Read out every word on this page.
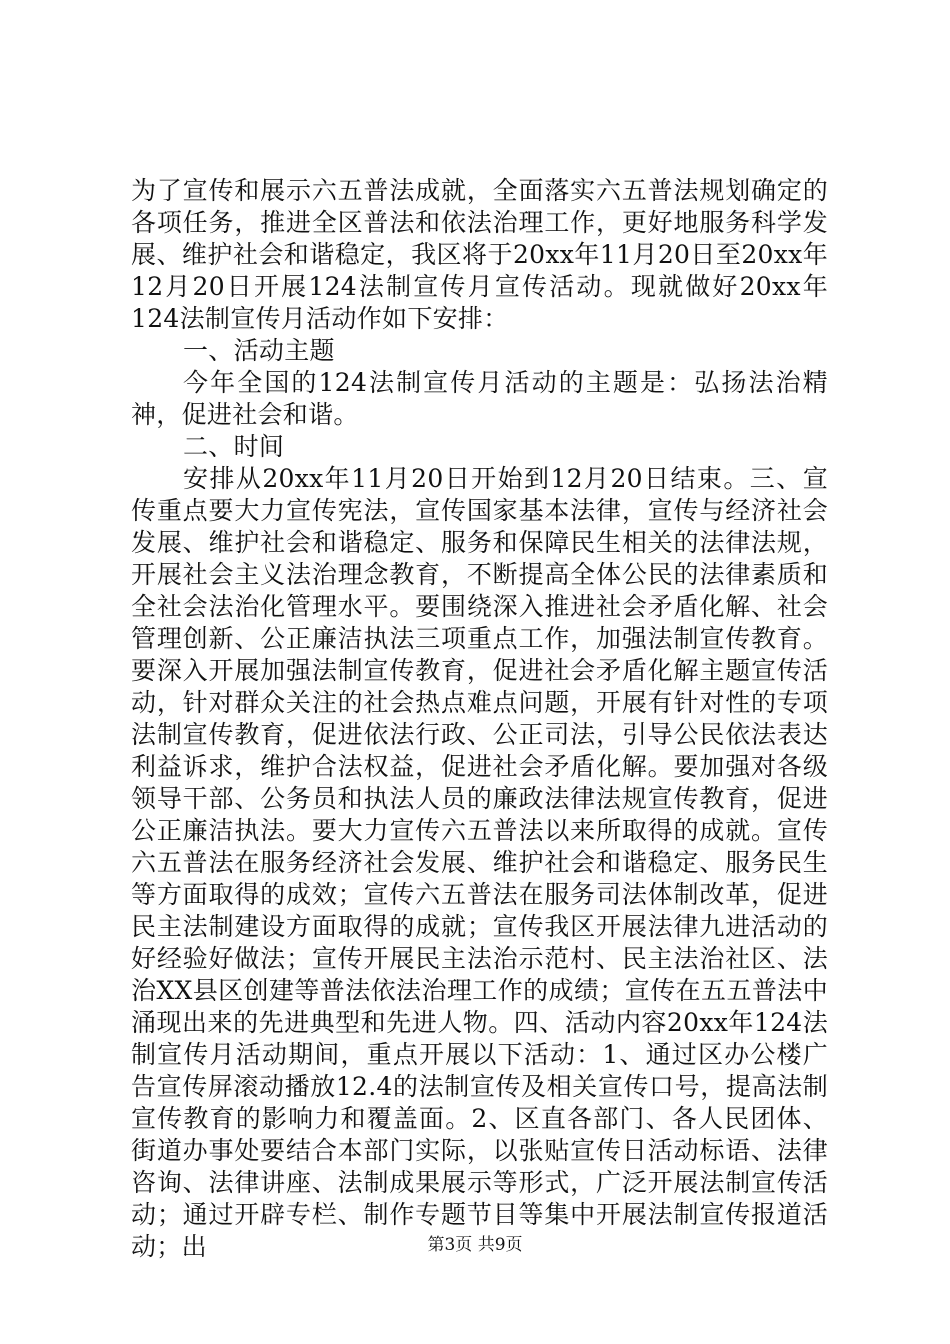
为了宣传和展示六五普法成就，全面落实六五普法规划确定的各项任务，推进全区普法和依法治理工作，更好地服务科学发展、维护社会和谐稳定，我区将于20xx年11月20日至20xx年12月20日开展124法制宣传月宣传活动。现就做好20xx年124法制宣传月活动作如下安排：

一、活动主题

今年全国的124法制宣传月活动的主题是：弘扬法治精神，促进社会和谐。

二、时间

安排从20xx年11月20日开始到12月20日结束。三、宣传重点要大力宣传宪法，宣传国家基本法律，宣传与经济社会发展、维护社会和谐稳定、服务和保障民生相关的法律法规，开展社会主义法治理念教育，不断提高全体公民的法律素质和全社会法治化管理水平。要围绕深入推进社会矛盾化解、社会管理创新、公正廉洁执法三项重点工作，加强法制宣传教育。要深入开展加强法制宣传教育，促进社会矛盾化解主题宣传活动，针对群众关注的社会热点难点问题，开展有针对性的专项法制宣传教育，促进依法行政、公正司法，引导公民依法表达利益诉求，维护合法权益，促进社会矛盾化解。要加强对各级领导干部、公务员和执法人员的廉政法律法规宣传教育，促进公正廉洁执法。要大力宣传六五普法以来所取得的成就。宣传六五普法在服务经济社会发展、维护社会和谐稳定、服务民生等方面取得的成效；宣传六五普法在服务司法体制改革，促进民主法制建设方面取得的成就；宣传我区开展法律九进活动的好经验好做法；宣传开展民主法治示范村、民主法治社区、法治XX县区创建等普法依法治理工作的成绩；宣传在五五普法中涌现出来的先进典型和先进人物。四、活动内容20xx年124法制宣传月活动期间，重点开展以下活动：1、通过区办公楼广告宣传屏滚动播放12.4的法制宣传及相关宣传口号，提高法制宣传教育的影响力和覆盖面。2、区直各部门、各人民团体、街道办事处要结合本部门实际，以张贴宣传日活动标语、法律咨询、法律讲座、法制成果展示等形式，广泛开展法制宣传活动；通过开辟专栏、制作专题节目等集中开展法制宣传报道活动；出	第3页 共9页
